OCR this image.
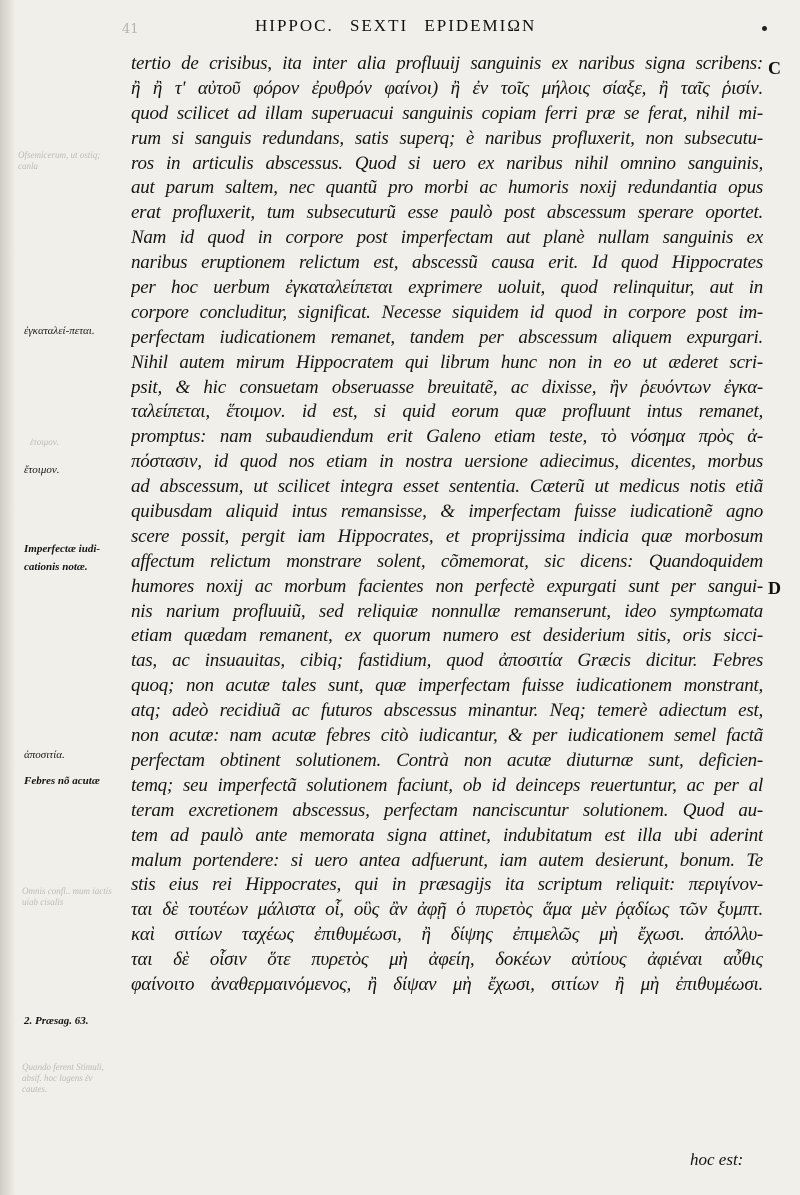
41	HIPPOC. SEXTI EPIDEMIΩN
C
D
Ofsemicerum, ut ostiq; canla
ἑτοιμον.
Omnis confl.. mum iactis uiab cisalis
Quando ferent Stimuli, absif. hoc lugens ἐν cautes.
ἐγκαταλεί-πεται.
ἕτοιμον.
Imperfectæ iudi-cationis notæ.
ἀποσιτία.
Febres nõ acutæ
2. Præsag. 63.
tertio de crisibus, ita inter alia profluuij sanguinis ex naribus signa scribens:
ἢ ἢ τ' αὐτοῦ φόρον ἐρυθρόν φαίνοι) ἢ ἐν τοῖς μήλοις σίαξε, ἢ ταῖς ῥισίν.
quod scilicet ad illam superuacui sanguinis copiam ferri præ se ferat, nihil mi-
rum si sanguis redundans, satis superq; è naribus profluxerit, non subsecutu-
ros in articulis abscessus. Quod si uero ex naribus nihil omnino sanguinis,
aut parum saltem, nec quantũ pro morbi ac humoris noxij redundantia opus
erat profluxerit, tum subsecuturũ esse paulò post abscessum sperare oportet.
Nam id quod in corpore post imperfectam aut planè nullam sanguinis ex
naribus eruptionem relictum est, abscessũ causa erit. Id quod Hippocrates
per hoc uerbum ἐγκαταλείπεται exprimere uoluit, quod relinquitur, aut in
corpore concluditur, significat. Necesse siquidem id quod in corpore post im-
perfectam iudicationem remanet, tandem per abscessum aliquem expurgari.
Nihil autem mirum Hippocratem qui librum hunc non in eo ut æderet scri-
psit, & hic consuetam obseruasse breuitatẽ, ac dixisse, ἢν ῥευόντων ἐγκα-
ταλείπεται, ἕτοιμον. id est, si quid eorum quæ profluunt intus remanet,
promptus: nam subaudiendum erit Galeno etiam teste, τὸ νόσημα πρὸς ἀ-
πόστασιν, id quod nos etiam in nostra uersione adiecimus, dicentes, morbus
ad abscessum, ut scilicet integra esset sententia. Cæterũ ut medicus notis etiã
quibusdam aliquid intus remansisse, & imperfectam fuisse iudicationẽ agno
scere possit, pergit iam Hippocrates, et proprijssima indicia quæ morbosum
affectum relictum monstrare solent, cõmemorat, sic dicens: Quandoquidem
humores noxij ac morbum facientes non perfectè expurgati sunt per sangui-
nis narium profluuiũ, sed reliquiæ nonnullæ remanserunt, ideo symptωmata
etiam quædam remanent, ex quorum numero est desiderium sitis, oris sicci-
tas, ac insuauitas, cibiq; fastidium, quod ἀποσιτία Græcis dicitur. Febres
quoq; non acutæ tales sunt, quæ imperfectam fuisse iudicationem monstrant,
atq; adeò recidiuã ac futuros abscessus minantur. Neq; temerè adiectum est,
non acutæ: nam acutæ febres citò iudicantur, & per iudicationem semel factã
perfectam obtinent solutionem. Contrà non acutæ diuturnæ sunt, deficien-
temq; seu imperfectã solutionem faciunt, ob id deinceps reuertuntur, ac per al
teram excretionem abscessus, perfectam nanciscuntur solutionem. Quod au-
tem ad paulò ante memorata signa attinet, indubitatum est illa ubi aderint
malum portendere: si uero antea adfuerunt, iam autem desierunt, bonum. Te
stis eius rei Hippocrates, qui in præsagijs ita scriptum reliquit: περιγίνον-
ται δὲ τουτέων μάλιστα οἷ, οὓς ἂν ἀφῇ ὁ πυρετὸς ἅμα μὲν ῥᾳδίως τῶν ξυμπτ.
καὶ σιτίων ταχέως ἐπιθυμέωσι, ἢ δίψης ἐπιμελῶς μὴ ἔχωσι. ἀπόλλυ-
ται δὲ οἷσιν ὅτε πυρετὸς μὴ ἀφείη, δοκέων αὐτίους ἀφιέναι αὖθις
φαίνοιτο ἀναθερμαινόμενος, ἢ δίψαν μὴ ἔχωσι, σιτίων ἢ μὴ ἐπιθυμέωσι.
hoc est:
